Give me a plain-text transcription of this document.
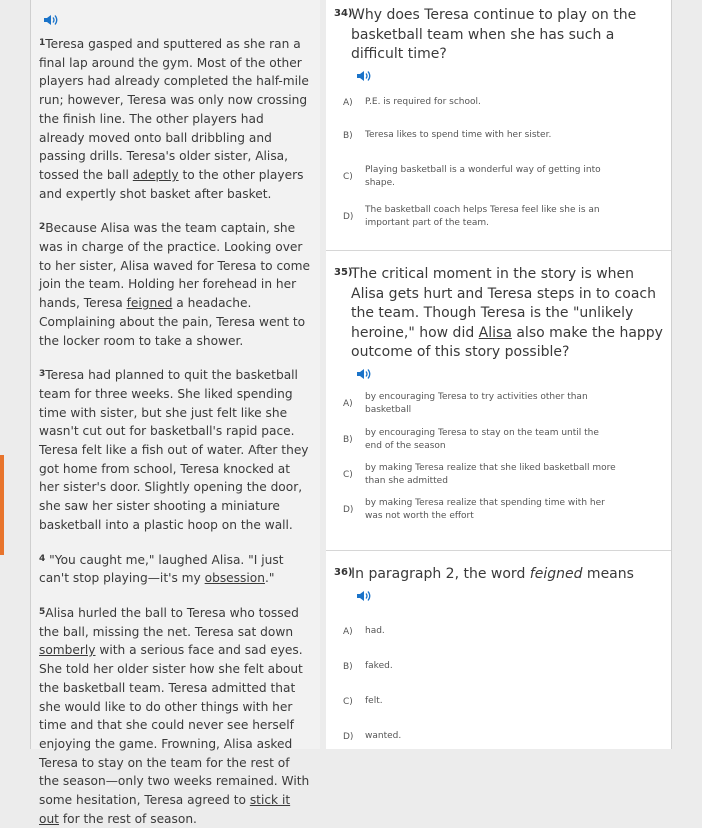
$^1$Teresa gasped and sputtered as she ran a final lap around the gym. Most of the other players had already completed the half-mile run; however, Teresa was only now crossing the finish line. The other players had already moved onto ball dribbling and passing drills. Teresa's older sister, Alisa, tossed the ball adeptly to the other players and expertly shot basket after basket.

$^2$Because Alisa was the team captain, she was in charge of the practice. Looking over to her sister, Alisa waved for Teresa to come join the team. Holding her forehead in her hands, Teresa feigned a headache. Complaining about the pain, Teresa went to the locker room to take a shower.

$^3$Teresa had planned to quit the basketball team for three weeks. She liked spending time with sister, but she just felt like she wasn't cut out for basketball's rapid pace. Teresa felt like a fish out of water. After they got home from school, Teresa knocked at her sister's door. Slightly opening the door, she saw her sister shooting a miniature basketball into a plastic hoop on the wall.

$^4$ "You caught me," laughed Alisa. "I just can't stop playing—it's my obsession."

$^5$Alisa hurled the ball to Teresa who tossed the ball, missing the net. Teresa sat down somberly with a serious face and sad eyes. She told her older sister how she felt about the basketball team. Teresa admitted that she would like to do other things with her time and that she could never see herself enjoying the game. Frowning, Alisa asked Teresa to stay on the team for the rest of the season—only two weeks remained. With some hesitation, Teresa agreed to stick it out for the rest of season.

34)
Why does Teresa continue to play on the basketball team when she has such a difficult time?
A)	P.E. is required for school.
B)	Teresa likes to spend time with her sister.
C)
Playing basketball is a wonderful way of getting into shape.
D)
The basketball coach helps Teresa feel like she is an important part of the team.
35)
The critical moment in the story is when Alisa gets hurt and Teresa steps in to coach the team. Though Teresa is the "unlikely heroine," how did Alisa also make the happy outcome of this story possible?
A)
by encouraging Teresa to try activities other than basketball
B)
by encouraging Teresa to stay on the team until the end of the season
C)
by making Teresa realize that she liked basketball more than she admitted
D)
by making Teresa realize that spending time with her was not worth the effort
36)
In paragraph 2, the word feigned means
A)	had.
B)	faked.
C)	felt.
D)	wanted.
